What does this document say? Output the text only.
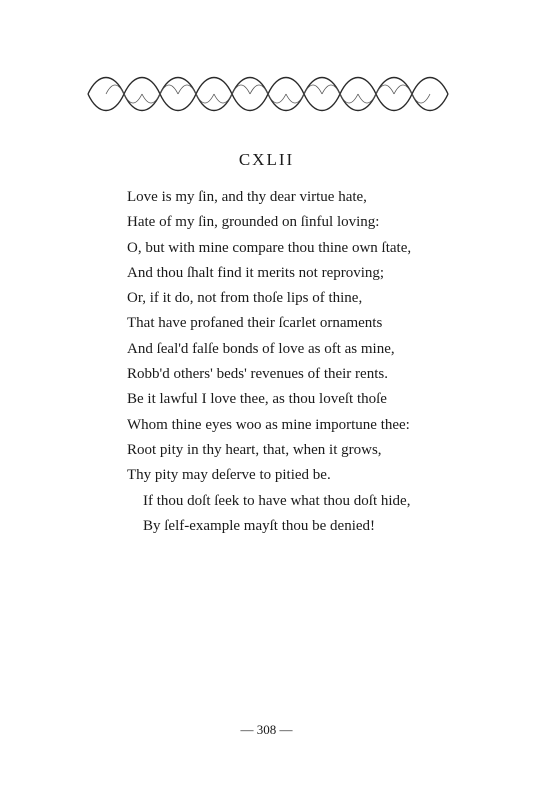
CXLII
Love is my ſin, and thy dear virtue hate,
Hate of my ſin, grounded on ſinful loving:
O, but with mine compare thou thine own ſtate,
And thou ſhalt find it merits not reproving;
Or, if it do, not from thoſe lips of thine,
That have profaned their ſcarlet ornaments
And ſeal'd falſe bonds of love as oft as mine,
Robb'd others' beds' revenues of their rents.
Be it lawful I love thee, as thou loveſt thoſe
Whom thine eyes woo as mine importune thee:
Root pity in thy heart, that, when it grows,
Thy pity may deſerve to pitied be.
If thou doſt ſeek to have what thou doſt hide,
By ſelf-example mayſt thou be denied!
— 308 —
